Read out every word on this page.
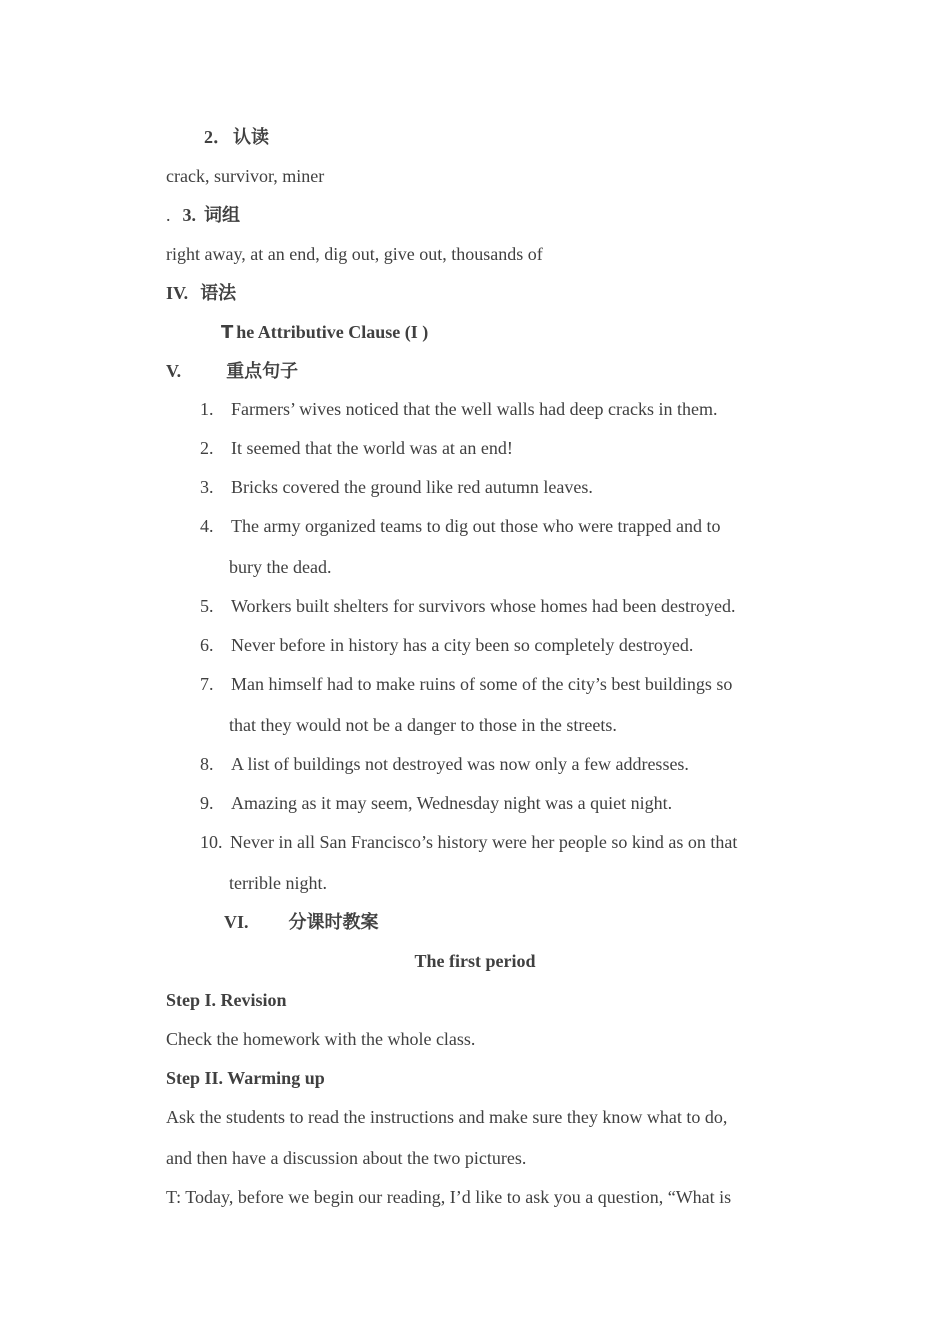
2． 认读
crack, survivor, miner
. 3. 词组
right away, at an end, dig out, give out, thousands of
IV. 语法
T he Attributive Clause (I )
V.	重点句子
1. Farmers’ wives noticed that the well walls had deep cracks in them.
2. It seemed that the world was at an end!
3. Bricks covered the ground like red autumn leaves.
4. The army organized teams to dig out those who were trapped and to
bury the dead.
5. Workers built shelters for survivors whose homes had been destroyed.
6. Never before in history has a city been so completely destroyed.
7. Man himself had to make ruins of some of the city’s best buildings so
that they would not be a danger to those in the streets.
8. A list of buildings not destroyed was now only a few addresses.
9. Amazing as it may seem, Wednesday night was a quiet night.
10. Never in all San Francisco’s history were her people so kind as on that
terrible night.
VI. 分课时教案
The first period
Step I. Revision
Check the homework with the whole class.
Step II. Warming up
Ask the students to read the instructions and make sure they know what to do,
and then have a discussion about the two pictures.
T: Today, before we begin our reading, I’d like to ask you a question, “What is
